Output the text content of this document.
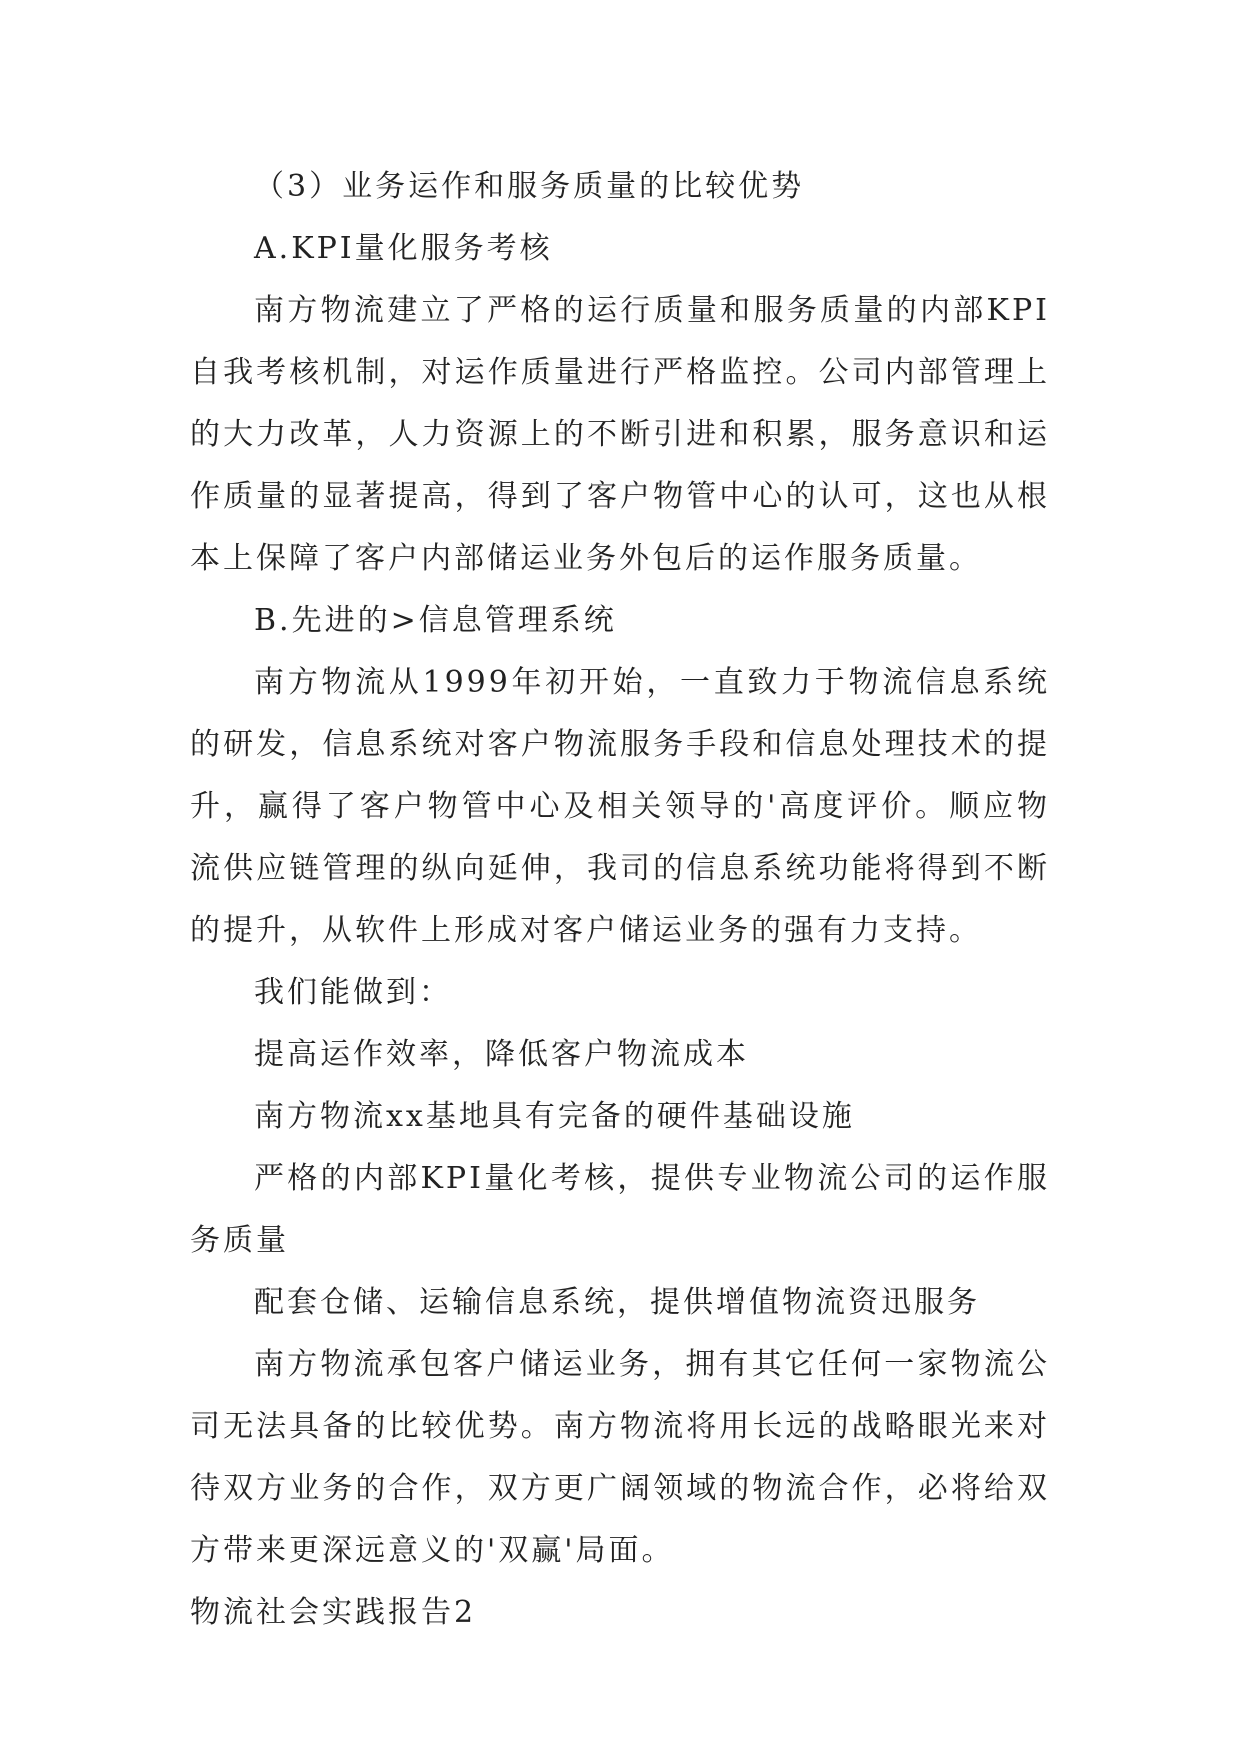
（3）业务运作和服务质量的比较优势

A.KPI量化服务考核

南方物流建立了严格的运行质量和服务质量的内部KPI自我考核机制，对运作质量进行严格监控。公司内部管理上的大力改革，人力资源上的不断引进和积累，服务意识和运作质量的显著提高，得到了客户物管中心的认可，这也从根本上保障了客户内部储运业务外包后的运作服务质量。

B.先进的>信息管理系统

南方物流从1999年初开始，一直致力于物流信息系统的研发，信息系统对客户物流服务手段和信息处理技术的提升，赢得了客户物管中心及相关领导的'高度评价。顺应物流供应链管理的纵向延伸，我司的信息系统功能将得到不断的提升，从软件上形成对客户储运业务的强有力支持。

我们能做到：

提高运作效率，降低客户物流成本

南方物流xx基地具有完备的硬件基础设施

严格的内部KPI量化考核，提供专业物流公司的运作服务质量

配套仓储、运输信息系统，提供增值物流资迅服务

南方物流承包客户储运业务，拥有其它任何一家物流公司无法具备的比较优势。南方物流将用长远的战略眼光来对待双方业务的合作，双方更广阔领域的物流合作，必将给双方带来更深远意义的'双赢'局面。

物流社会实践报告2
